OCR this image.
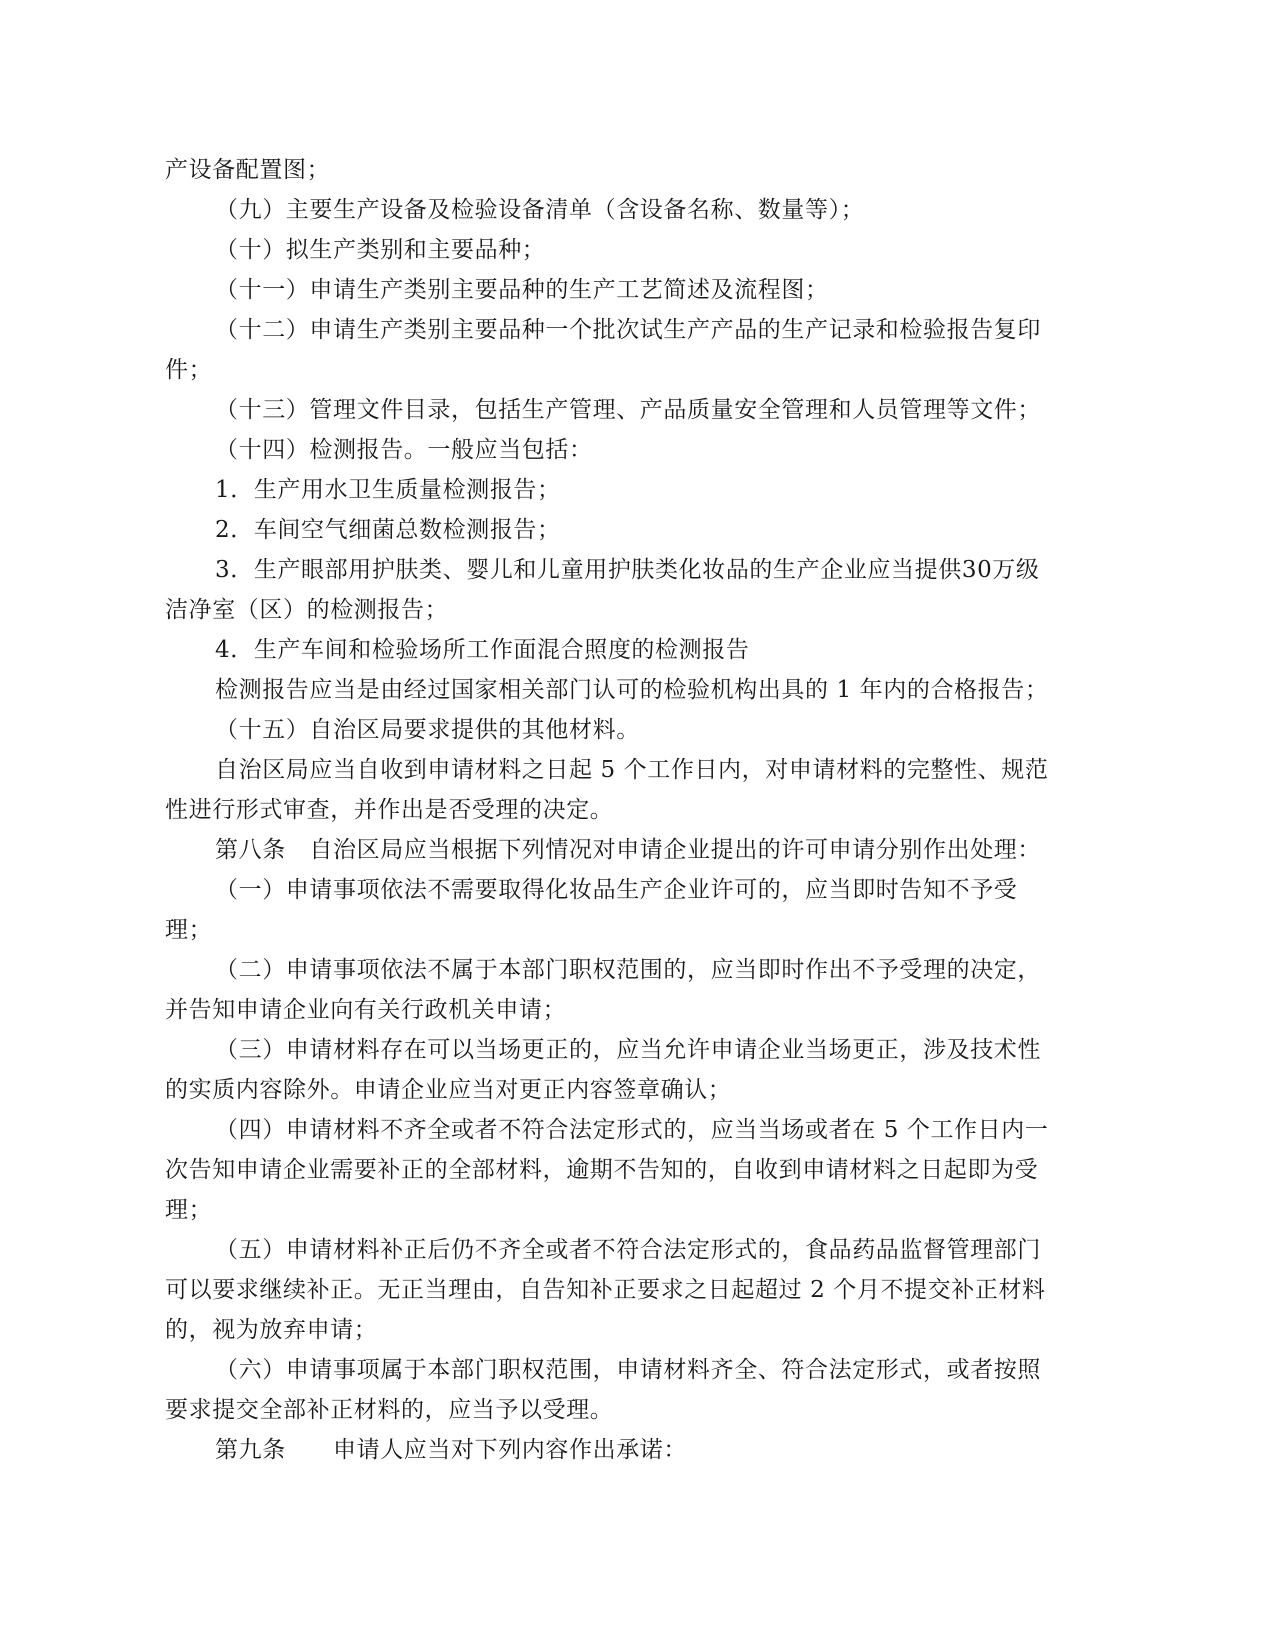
产设备配置图；
（九）主要生产设备及检验设备清单（含设备名称、数量等）；
（十）拟生产类别和主要品种；
（十一）申请生产类别主要品种的生产工艺简述及流程图；
（十二）申请生产类别主要品种一个批次试生产产品的生产记录和检验报告复印
件；
（十三）管理文件目录，包括生产管理、产品质量安全管理和人员管理等文件；
（十四）检测报告。一般应当包括：
1．生产用水卫生质量检测报告；
2．车间空气细菌总数检测报告；
3．生产眼部用护肤类、婴儿和儿童用护肤类化妆品的生产企业应当提供30万级
洁净室（区）的检测报告；
4．生产车间和检验场所工作面混合照度的检测报告
检测报告应当是由经过国家相关部门认可的检验机构出具的 1 年内的合格报告；
（十五）自治区局要求提供的其他材料。
自治区局应当自收到申请材料之日起 5 个工作日内，对申请材料的完整性、规范
性进行形式审查，并作出是否受理的决定。
第八条　自治区局应当根据下列情况对申请企业提出的许可申请分别作出处理：
（一）申请事项依法不需要取得化妆品生产企业许可的，应当即时告知不予受
理；
（二）申请事项依法不属于本部门职权范围的，应当即时作出不予受理的决定，
并告知申请企业向有关行政机关申请；
（三）申请材料存在可以当场更正的，应当允许申请企业当场更正，涉及技术性
的实质内容除外。申请企业应当对更正内容签章确认；
（四）申请材料不齐全或者不符合法定形式的，应当当场或者在 5 个工作日内一
次告知申请企业需要补正的全部材料，逾期不告知的，自收到申请材料之日起即为受
理；
（五）申请材料补正后仍不齐全或者不符合法定形式的，食品药品监督管理部门
可以要求继续补正。无正当理由，自告知补正要求之日起超过 2 个月不提交补正材料
的，视为放弃申请；
（六）申请事项属于本部门职权范围，申请材料齐全、符合法定形式，或者按照
要求提交全部补正材料的，应当予以受理。
第九条　　申请人应当对下列内容作出承诺：
